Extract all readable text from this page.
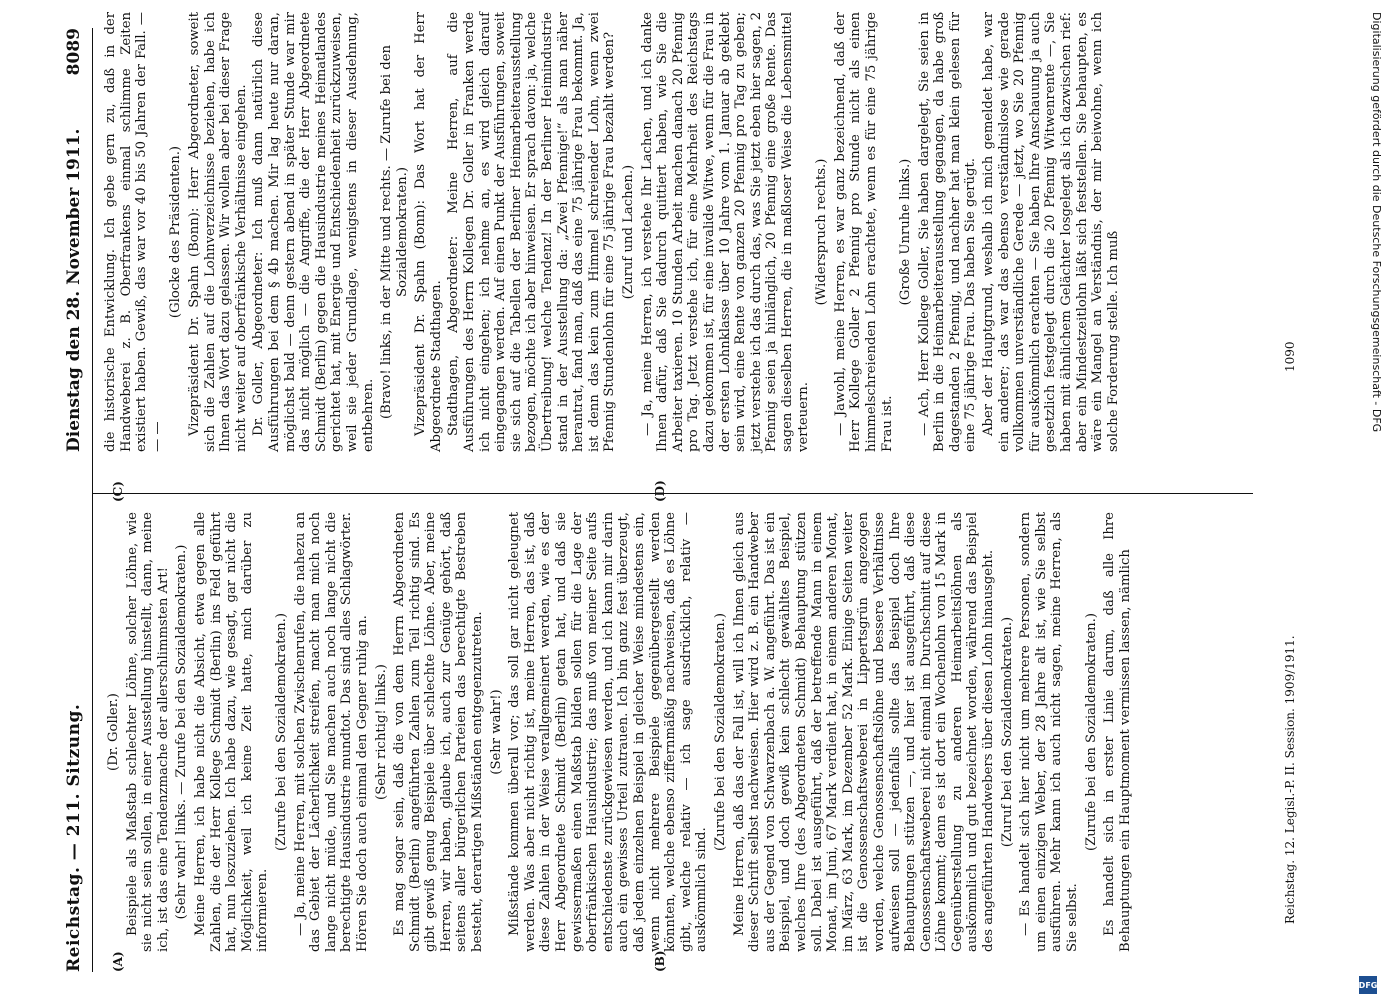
Reichstag. — 211. Sitzung.
Dienstag den 28. November 1911.
8089
(A)	(B)
(C)	(D)

(Dr. Goller.) Beispiele als Maßstab schlechter Löhne, solcher Löhne, wie sie nicht sein sollen, in einer Ausstellung hinstellt, dann, meine ich, ist das eine Tendenzmache der allerschlimmsten Art! (Sehr wahr! links. — Zurufe bei den Sozialdemokraten.) Meine Herren, ich habe nicht die Absicht, etwa gegen alle Zahlen, die der Herr Kollege Schmidt (Berlin) ins Feld geführt hat, nun loszuziehen. Ich habe dazu, wie gesagt, gar nicht die Möglichkeit, weil ich keine Zeit hatte, mich darüber zu informieren.

(Zurufe bei den Sozialdemokraten.) — Ja, meine Herren, mit solchen Zwischenrufen, die nahezu an das Gebiet der Lächerlichkeit streifen, macht man mich noch lange nicht müde, und Sie machen auch noch lange nicht die berechtigte Hausindustrie mundtot. Das sind alles Schlagwörter. Hören Sie doch auch einmal den Gegner ruhig an. (Sehr richtig! links.) Es mag sogar sein, daß die von dem Herrn Abgeordneten Schmidt (Berlin) angeführten Zahlen zum Teil richtig sind. Es gibt gewiß genug Beispiele über schlechte Löhne. Aber, meine Herren, wir haben, glaube ich, auch zur Genüge gehört, daß seitens aller bürgerlichen Parteien das berechtigte Bestreben besteht, derartigen Mißständen entgegenzutreten. (Sehr wahr!) Mißstände kommen überall vor; das soll gar nicht geleugnet werden. Was aber nicht richtig ist, meine Herren, das ist, daß diese Zahlen in der Weise verallgemeinert werden, wie es der Herr Abgeordnete Schmidt (Berlin) getan hat, und daß sie gewissermaßen einen Maßstab bilden sollen für die Lage der oberfränkischen Hausindustrie; das muß von meiner Seite aufs entschiedenste zurückgewiesen werden, und ich kann mir darin auch ein gewisses Urteil zutrauen. Ich bin ganz fest überzeugt, daß jedem einzelnen Beispiel in gleicher Weise mindestens ein, wenn nicht mehrere Beispiele gegenübergestellt werden könnten, welche ebenso ziffernmäßig nachweisen, daß es Löhne gibt, welche relativ — ich sage ausdrücklich, relativ — auskömmlich sind.

(Zurufe bei den Sozialdemokraten.) Meine Herren, daß das der Fall ist, will ich Ihnen gleich aus dieser Schrift selbst nachweisen. Hier wird z. B. ein Handweber aus der Gegend von Schwarzenbach a. W. angeführt. Das ist ein Beispiel, und doch gewiß kein schlecht gewähltes Beispiel, welches Ihre (des Abgeordneten Schmidt) Behauptung stützen soll. Dabei ist ausgeführt, daß der betreffende Mann in einem Monat, im Juni, 67 Mark verdient hat, in einem anderen Monat, im März, 63 Mark, im Dezember 52 Mark. Einige Seiten weiter ist die Genossenschaftsweberei in Lippertsgrün angezogen worden, welche Genossenschaftslöhne und bessere Verhältnisse aufweisen soll — jedenfalls sollte das Beispiel doch Ihre Behauptungen stützen —, und hier ist ausgeführt, daß diese Genossenschaftsweberei nicht einmal im Durchschnitt auf diese Löhne kommt; denn es ist dort ein Wochenlohn von 15 Mark in Gegenüberstellung zu anderen Heimarbeitslöhnen als auskömmlich und gut bezeichnet worden, während das Beispiel des angeführten Handwebers über diesen Lohn hinausgeht. (Zuruf bei den Sozialdemokraten.) — Es handelt sich hier nicht um mehrere Personen, sondern um einen einzigen Weber, der 28 Jahre alt ist, wie Sie selbst ausführen. Mehr kann ich auch nicht sagen, meine Herren, als Sie selbst.

(Zurufe bei den Sozialdemokraten.) Es handelt sich in erster Linie darum, daß alle Ihre Behauptungen ein Hauptmoment vermissen lassen, nämlich

die historische Entwicklung. Ich gebe gern zu, daß in der Handweberei z. B. Oberfrankens einmal schlimme Zeiten existiert haben. Gewiß, das war vor 40 bis 50 Jahren der Fall. — — —

(Glocke des Präsidenten.) Vizepräsident Dr. Spahn (Bonn): Herr Abgeordneter, soweit sich die Zahlen auf die Lohnverzeichnisse beziehen, habe ich Ihnen das Wort dazu gelassen. Wir wollen aber bei dieser Frage nicht weiter auf oberfränkische Verhältnisse eingehen. Dr. Goller, Abgeordneter: Ich muß dann natürlich diese Ausführungen bei dem § 4b machen. Mir lag heute nur daran, möglichst bald — denn gestern abend in später Stunde war mir das nicht möglich — die Angriffe, die der Herr Abgeordnete Schmidt (Berlin) gegen die Hausindustrie meines Heimatlandes gerichtet hat, mit Energie und Entschiedenheit zurückzuweisen, weil sie jeder Grundlage, wenigstens in dieser Ausdehnung, entbehren. (Bravo! links, in der Mitte und rechts. — Zurufe bei den Sozialdemokraten.) Vizepräsident Dr. Spahn (Bonn): Das Wort hat der Herr Abgeordnete Stadthagen. Stadthagen, Abgeordneter: Meine Herren, auf die Ausführungen des Herrn Kollegen Dr. Goller in Franken werde ich nicht eingehen; ich nehme an, es wird gleich darauf eingegangen werden. Auf einen Punkt der Ausführungen, soweit sie sich auf die Tabellen der Berliner Heimarbeiterausstellung bezogen, möchte ich aber hinweisen. Er sprach davon: ja, welche Übertreibung! welche Tendenz! In der Berliner Heimindustrie stand in der Ausstellung da: „Zwei Pfennige!“ als man näher herantrat, fand man, daß das eine 75 jährige Frau bekommt. Ja, ist denn das kein zum Himmel schreiender Lohn, wenn zwei Pfennig Stundenlohn für eine 75 jährige Frau bezahlt werden? (Zuruf und Lachen.) — Ja, meine Herren, ich verstehe Ihr Lachen, und ich danke Ihnen dafür, daß Sie dadurch quittiert haben, wie Sie die Arbeiter taxieren. 10 Stunden Arbeit machen danach 20 Pfennig pro Tag. Jetzt verstehe ich, für eine Mehrheit des Reichstags dazu gekommen ist, für eine invalide Witwe, wenn für die Frau in der ersten Lohnklasse über 10 Jahre vom 1. Januar ab geklebt sein wird, eine Rente von ganzen 20 Pfennig pro Tag zu geben; jetzt verstehe ich das durch das, was Sie jetzt eben hier sagen, 2 Pfennig seien ja hinlänglich, 20 Pfennig eine große Rente. Das sagen dieselben Herren, die in maßloser Weise die Lebensmittel verteuern.

(Widerspruch rechts.) — Jawohl, meine Herren, es war ganz bezeichnend, daß der Herr Kollege Goller 2 Pfennig pro Stunde nicht als einen himmelschreienden Lohn erachtete, wenn es für eine 75 jährige Frau ist.

(Große Unruhe links.) — Ach, Herr Kollege Goller, Sie haben dargelegt, Sie seien in Berlin in die Heimarbeiterausstellung gegangen, da habe groß dagestanden 2 Pfennig, und nachher hat man klein gelesen für eine 75 jährige Frau. Das haben Sie gerügt. Aber der Hauptgrund, weshalb ich mich gemeldet habe, war ein anderer; das war das ebenso verständnislose wie gerade vollkommen unverständliche Gerede — jetzt, wo Sie 20 Pfennig für auskömmlich erachten — Sie haben Ihre Anschauung ja auch gesetzlich festgelegt durch die 20 Pfennig Witwenrente —, Sie haben mit ähnlichem Gelächter losgelegt als ich dazwischen rief: aber ein Mindestzeitlohn läßt sich feststellen. Sie behaupten, es wäre ein Mangel an Verständnis, der mir beiwohne, wenn ich solche Forderung stelle. Ich muß

Reichstag. 12. Legisl.-P. II. Session. 1909/1911.
1090	Digitalisierung gefördert durch die Deutsche Forschungsgemeinschaft - DFG
DFG
